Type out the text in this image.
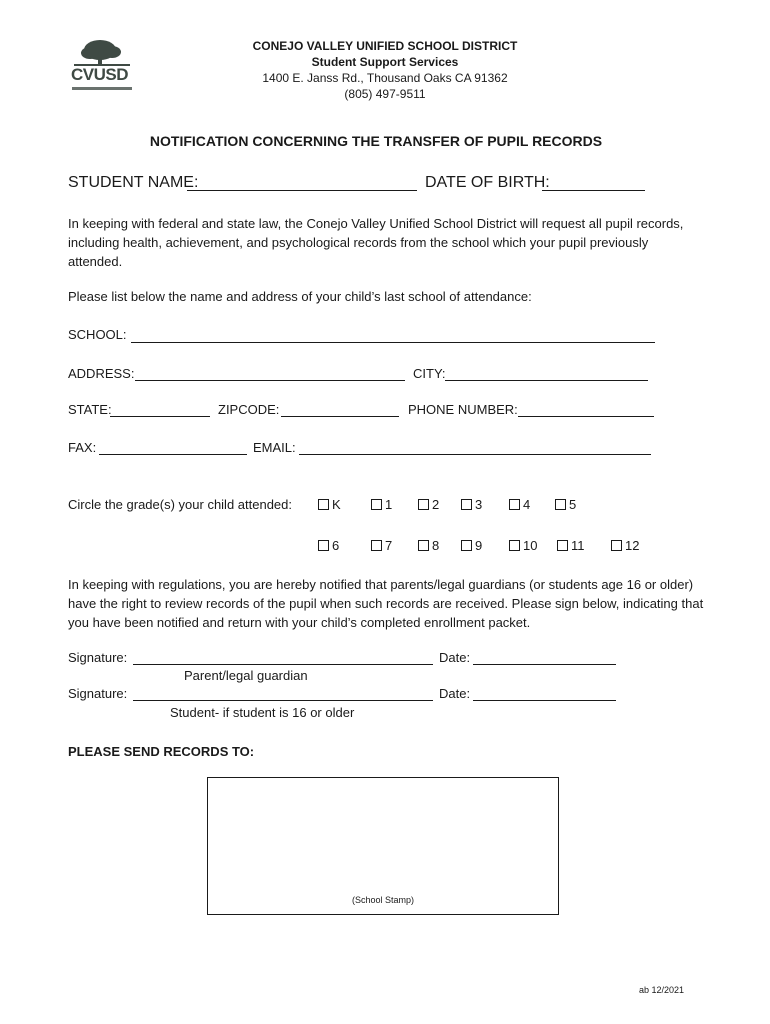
CVUSD
CONEJO VALLEY UNIFIED SCHOOL DISTRICT
Student Support Services
1400 E. Janss Rd., Thousand Oaks CA 91362
(805) 497-9511
NOTIFICATION CONCERNING THE TRANSFER OF PUPIL RECORDS
STUDENT NAME:	DATE OF BIRTH:
In keeping with federal and state law, the Conejo Valley Unified School District will request all pupil records, including health, achievement, and psychological records from the school which your pupil previously attended.
Please list below the name and address of your child’s last school of attendance:
SCHOOL:
ADDRESS:	CITY:
STATE:	ZIPCODE:	PHONE NUMBER:
FAX:	EMAIL:
Circle the grade(s) your child attended:	K	1	2	3	4	5
6	7	8	9	10	11	12
In keeping with regulations, you are hereby notified that parents/legal guardians (or students age 16 or older) have the right to review records of the pupil when such records are received. Please sign below, indicating that you have been notified and return with your child’s completed enrollment packet.
Signature:	Date:
Parent/legal guardian
Signature:	Date:
Student- if student is 16 or older
PLEASE SEND RECORDS TO:
(School Stamp)
ab 12/2021
